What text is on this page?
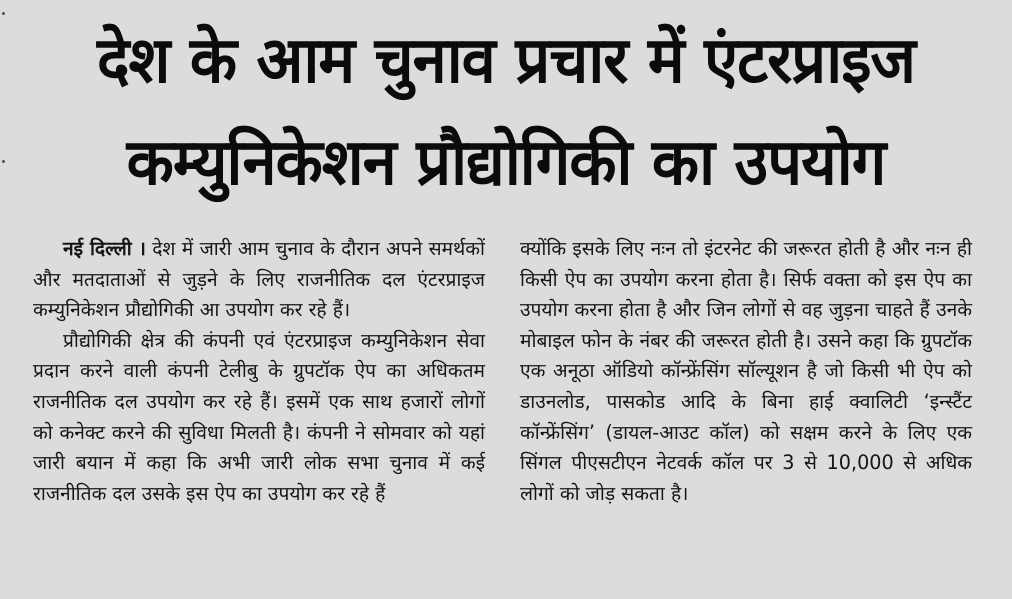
देश के आम चुनाव प्रचार में एंटरप्राइज
कम्युनिकेशन प्रौद्योगिकी का उपयोग

नई दिल्ली । देश में जारी आम चुनाव के दौरान अपने समर्थकों और मतदाताओं से जुड़ने के लिए राजनीतिक दल एंटरप्राइज कम्युनिकेशन प्रौद्योगिकी आ उपयोग कर रहे हैं।

प्रौद्योगिकी क्षेत्र की कंपनी एवं एंटरप्राइज कम्युनिकेशन सेवा प्रदान करने वाली कंपनी टेलीबु के ग्रुपटॉक ऐप का अधिकतम राजनीतिक दल उपयोग कर रहे हैं। इसमें एक साथ हजारों लोगों को कनेक्ट करने की सुविधा मिलती है। कंपनी ने सोमवार को यहां जारी बयान में कहा कि अभी जारी लोक सभा चुनाव में कई राजनीतिक दल उसके इस ऐप का उपयोग कर रहे हैं

क्योंकि इसके लिए नःन तो इंटरनेट की जरूरत होती है और नःन ही किसी ऐप का उपयोग करना होता है। सिर्फ वक्ता को इस ऐप का उपयोग करना होता है और जिन लोगों से वह जुड़ना चाहते हैं उनके मोबाइल फोन के नंबर की जरूरत होती है। उसने कहा कि ग्रुपटॉक एक अनूठा ऑडियो कॉन्फ्रेंसिंग सॉल्यूशन है जो किसी भी ऐप को डाउनलोड, पासकोड आदि के बिना हाई क्वालिटी ‘इन्स्टैंट कॉन्फ्रेंसिंग’ (डायल-आउट कॉल) को सक्षम करने के लिए एक सिंगल पीएसटीएन नेटवर्क कॉल पर 3 से 10,000 से अधिक लोगों को जोड़ सकता है।
